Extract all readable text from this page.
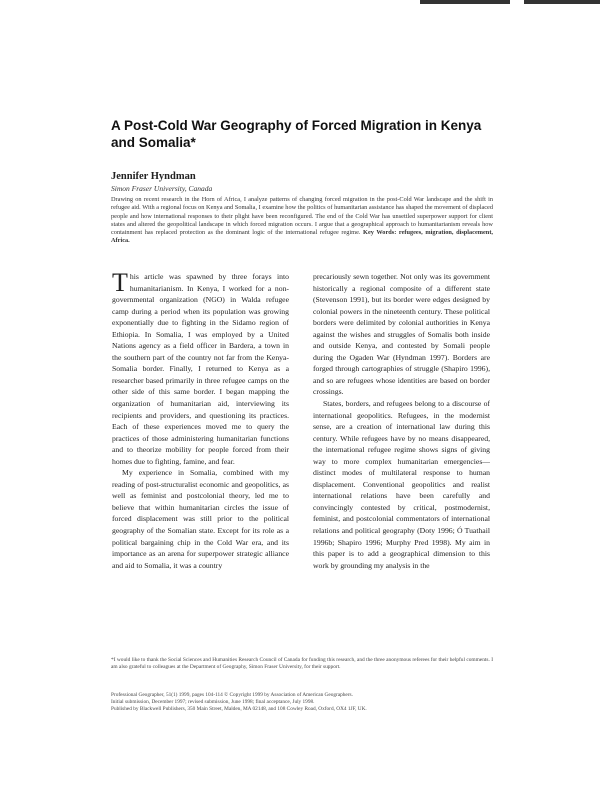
A Post-Cold War Geography of Forced Migration in Kenya and Somalia*
Jennifer Hyndman
Simon Fraser University, Canada
Drawing on recent research in the Horn of Africa, I analyze patterns of changing forced migration in the post-Cold War landscape and the shift in refugee aid. With a regional focus on Kenya and Somalia, I examine how the politics of humanitarian assistance has shaped the movement of displaced people and how international responses to their plight have been reconfigured. The end of the Cold War has unsettled superpower support for client states and altered the geopolitical landscape in which forced migration occurs. I argue that a geographical approach to humanitarianism reveals how containment has replaced protection as the dominant logic of the international refugee regime. Key Words: refugees, migration, displacement, Africa.

This article was spawned by three forays into humanitarianism. In Kenya, I worked for a non-governmental organization (NGO) in Walda refugee camp during a period when its population was growing exponentially due to fighting in the Sidamo region of Ethiopia. In Somalia, I was employed by a United Nations agency as a field officer in Bardera, a town in the southern part of the country not far from the Kenya-Somalia border. Finally, I returned to Kenya as a researcher based primarily in three refugee camps on the other side of this same border. I began mapping the organization of humanitarian aid, interviewing its recipients and providers, and questioning its practices. Each of these experiences moved me to query the practices of those administering humanitarian functions and to theorize mobility for people forced from their homes due to fighting, famine, and fear.

My experience in Somalia, combined with my reading of post-structuralist economic and geopolitics, as well as feminist and postcolonial theory, led me to believe that within humanitarian circles the issue of forced displacement was still prior to the political geography of the Somalian state. Except for its role as a political bargaining chip in the Cold War era, and its importance as an arena for superpower strategic alliance and aid to Somalia, it was a country

precariously sewn together. Not only was its government historically a regional composite of a different state (Stevenson 1991), but its border were edges designed by colonial powers in the nineteenth century. These political borders were delimited by colonial authorities in Kenya against the wishes and struggles of Somalis both inside and outside Kenya, and contested by Somali people during the Ogaden War (Hyndman 1997). Borders are forged through cartographies of struggle (Shapiro 1996), and so are refugees whose identities are based on border crossings.

States, borders, and refugees belong to a discourse of international geopolitics. Refugees, in the modernist sense, are a creation of international law during this century. While refugees have by no means disappeared, the international refugee regime shows signs of giving way to more complex humanitarian emergencies—distinct modes of multilateral response to human displacement. Conventional geopolitics and realist international relations have been carefully and convincingly contested by critical, postmodernist, feminist, and postcolonial commentators of international relations and political geography (Doty 1996; Ó Tuathail 1996b; Shapiro 1996; Murphy Pred 1998). My aim in this paper is to add a geographical dimension to this work by grounding my analysis in the

*I would like to thank the Social Sciences and Humanities Research Council of Canada for funding this research, and the three anonymous referees for their helpful comments. I am also grateful to colleagues at the Department of Geography, Simon Fraser University, for their support.
Professional Geographer, 51(1) 1999, pages 104-114 © Copyright 1999 by Association of American Geographers.
Initial submission, December 1997; revised submission, June 1998; final acceptance, July 1998.
Published by Blackwell Publishers, 350 Main Street, Malden, MA 02148, and 108 Cowley Road, Oxford, OX4 1JF, UK.
